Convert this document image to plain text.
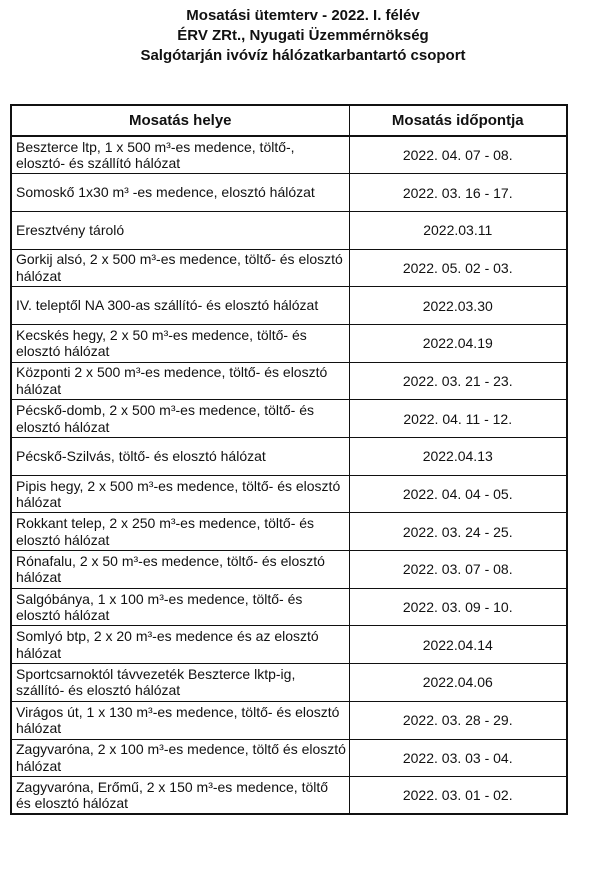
Mosatási ütemterv - 2022. I. félév
ÉRV ZRt., Nyugati Üzemmérnökség
Salgótarján ivóvíz hálózatkarbantartó csoport
Mosatás helye	Mosatás időpontja
Beszterce ltp, 1 x 500 m³-es medence, töltő-, elosztó- és szállító hálózat	2022. 04. 07 - 08.
Somoskő 1x30 m³ -es medence, elosztó hálózat	2022. 03. 16 - 17.
Eresztvény tároló	2022.03.11
Gorkij alsó, 2 x 500 m³-es medence, töltő- és elosztó hálózat	2022. 05. 02 - 03.
IV. teleptől NA 300-as szállító- és elosztó hálózat	2022.03.30
Kecskés hegy, 2 x 50 m³-es medence, töltő- és elosztó hálózat	2022.04.19
Központi 2 x 500 m³-es medence, töltő- és elosztó hálózat	2022. 03. 21 - 23.
Pécskő-domb, 2 x 500 m³-es medence, töltő- és elosztó hálózat	2022. 04. 11 - 12.
Pécskő-Szilvás, töltő- és elosztó hálózat	2022.04.13
Pipis hegy, 2 x 500 m³-es medence, töltő- és elosztó hálózat	2022. 04. 04 - 05.
Rokkant telep, 2 x 250 m³-es medence, töltő- és elosztó hálózat	2022. 03. 24 - 25.
Rónafalu, 2 x 50 m³-es medence, töltő- és elosztó hálózat	2022. 03. 07 - 08.
Salgóbánya, 1 x 100 m³-es medence, töltő- és elosztó hálózat	2022. 03. 09 - 10.
Somlyó btp, 2 x 20 m³-es medence és az elosztó hálózat	2022.04.14
Sportcsarnoktól távvezeték Beszterce lktp-ig, szállító- és elosztó hálózat	2022.04.06
Virágos út, 1 x 130 m³-es medence, töltő- és elosztó hálózat	2022. 03. 28 - 29.
Zagyvaróna, 2 x 100 m³-es medence, töltő és elosztó hálózat	2022. 03. 03 - 04.
Zagyvaróna, Erőmű, 2 x 150 m³-es medence, töltő és elosztó hálózat	2022. 03. 01 - 02.
